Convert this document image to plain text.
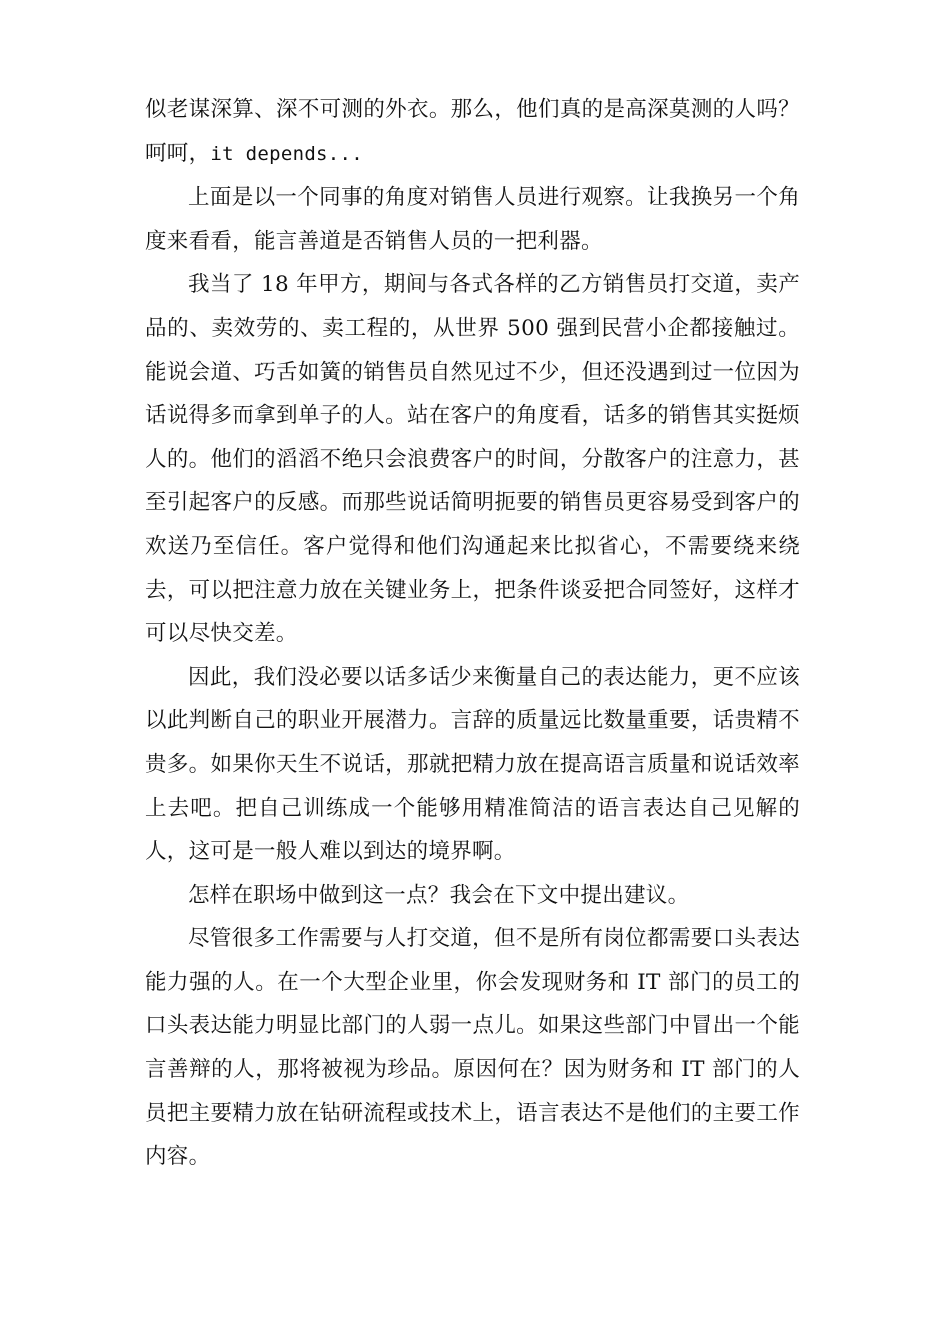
似老谋深算、深不可测的外衣。那么，他们真的是高深莫测的人吗？呵呵，it depends...

上面是以一个同事的角度对销售人员进行观察。让我换另一个角度来看看，能言善道是否销售人员的一把利器。

我当了 18 年甲方，期间与各式各样的乙方销售员打交道，卖产品的、卖效劳的、卖工程的，从世界 500 强到民营小企都接触过。能说会道、巧舌如簧的销售员自然见过不少，但还没遇到过一位因为话说得多而拿到单子的人。站在客户的角度看，话多的销售其实挺烦人的。他们的滔滔不绝只会浪费客户的时间，分散客户的注意力，甚至引起客户的反感。而那些说话简明扼要的销售员更容易受到客户的欢送乃至信任。客户觉得和他们沟通起来比拟省心，不需要绕来绕去，可以把注意力放在关键业务上，把条件谈妥把合同签好，这样才可以尽快交差。

因此，我们没必要以话多话少来衡量自己的表达能力，更不应该以此判断自己的职业开展潜力。言辞的质量远比数量重要，话贵精不贵多。如果你天生不说话，那就把精力放在提高语言质量和说话效率上去吧。把自己训练成一个能够用精准简洁的语言表达自己见解的人，这可是一般人难以到达的境界啊。

怎样在职场中做到这一点？我会在下文中提出建议。

尽管很多工作需要与人打交道，但不是所有岗位都需要口头表达能力强的人。在一个大型企业里，你会发现财务和 IT 部门的员工的口头表达能力明显比部门的人弱一点儿。如果这些部门中冒出一个能言善辩的人，那将被视为珍品。原因何在？因为财务和 IT 部门的人员把主要精力放在钻研流程或技术上，语言表达不是他们的主要工作内容。
